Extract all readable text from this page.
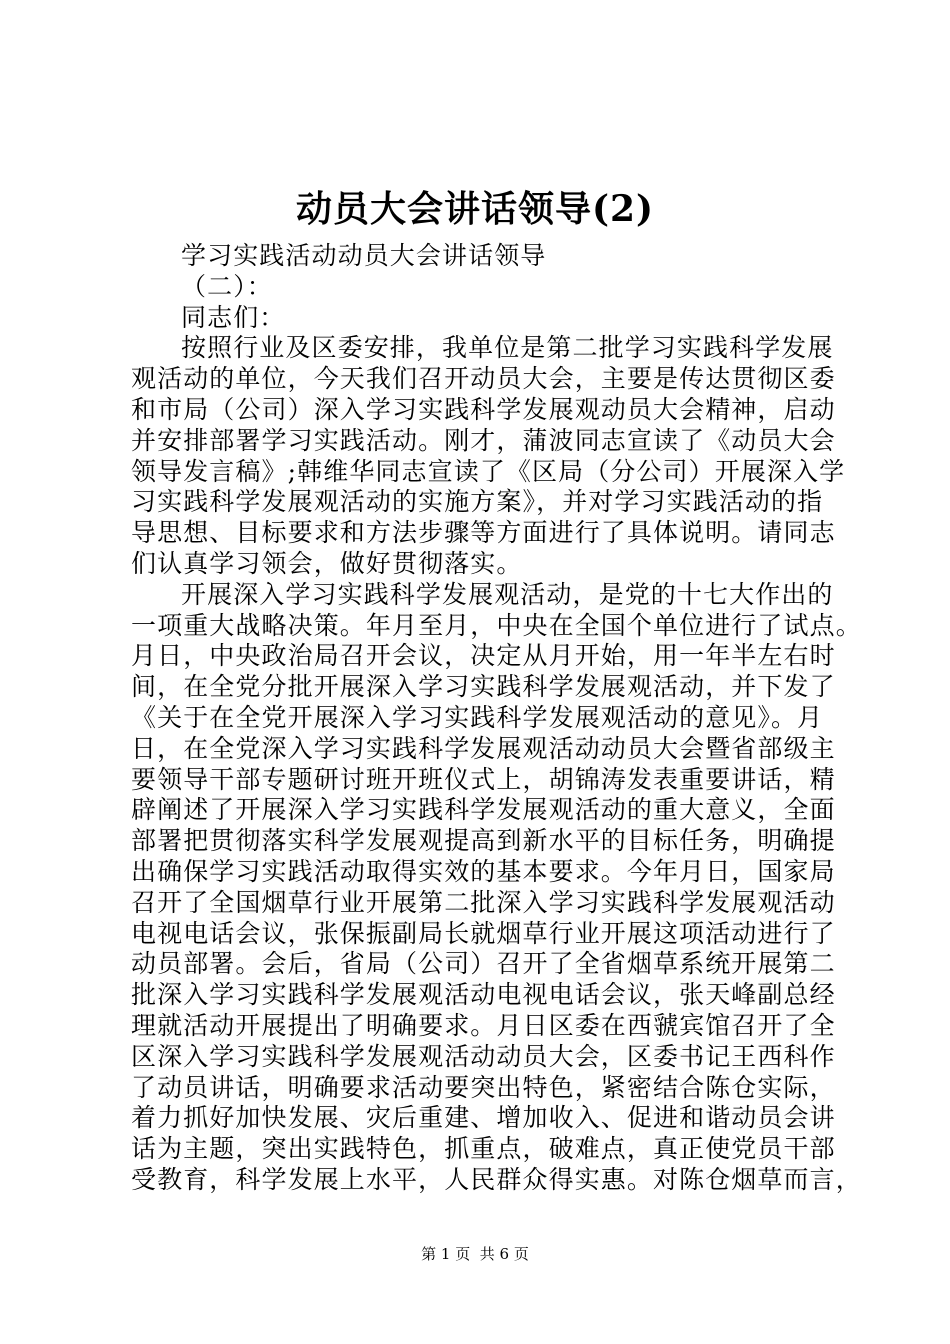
动员大会讲话领导(2)

学习实践活动动员大会讲话领导

（二）：

同志们：

按照行业及区委安排，我单位是第二批学习实践科学发展

观活动的单位，今天我们召开动员大会，主要是传达贯彻区委

和市局（公司）深入学习实践科学发展观动员大会精神，启动

并安排部署学习实践活动。刚才，蒲波同志宣读了《动员大会

领导发言稿》;韩维华同志宣读了《区局（分公司）开展深入学

习实践科学发展观活动的实施方案》，并对学习实践活动的指

导思想、目标要求和方法步骤等方面进行了具体说明。请同志

们认真学习领会，做好贯彻落实。

开展深入学习实践科学发展观活动，是党的十七大作出的

一项重大战略决策。年月至月，中央在全国个单位进行了试点。

月日，中央政治局召开会议，决定从月开始，用一年半左右时

间，在全党分批开展深入学习实践科学发展观活动，并下发了

《关于在全党开展深入学习实践科学发展观活动的意见》。月

日，在全党深入学习实践科学发展观活动动员大会暨省部级主

要领导干部专题研讨班开班仪式上，胡锦涛发表重要讲话，精

辟阐述了开展深入学习实践科学发展观活动的重大意义，全面

部署把贯彻落实科学发展观提高到新水平的目标任务，明确提

出确保学习实践活动取得实效的基本要求。今年月日，国家局

召开了全国烟草行业开展第二批深入学习实践科学发展观活动

电视电话会议，张保振副局长就烟草行业开展这项活动进行了

动员部署。会后，省局（公司）召开了全省烟草系统开展第二

批深入学习实践科学发展观活动电视电话会议，张天峰副总经

理就活动开展提出了明确要求。月日区委在西虢宾馆召开了全

区深入学习实践科学发展观活动动员大会，区委书记王西科作

了动员讲话，明确要求活动要突出特色，紧密结合陈仓实际，

着力抓好加快发展、灾后重建、增加收入、促进和谐动员会讲

话为主题，突出实践特色，抓重点，破难点，真正使党员干部

受教育，科学发展上水平，人民群众得实惠。对陈仓烟草而言，

第 1 页  共 6 页
